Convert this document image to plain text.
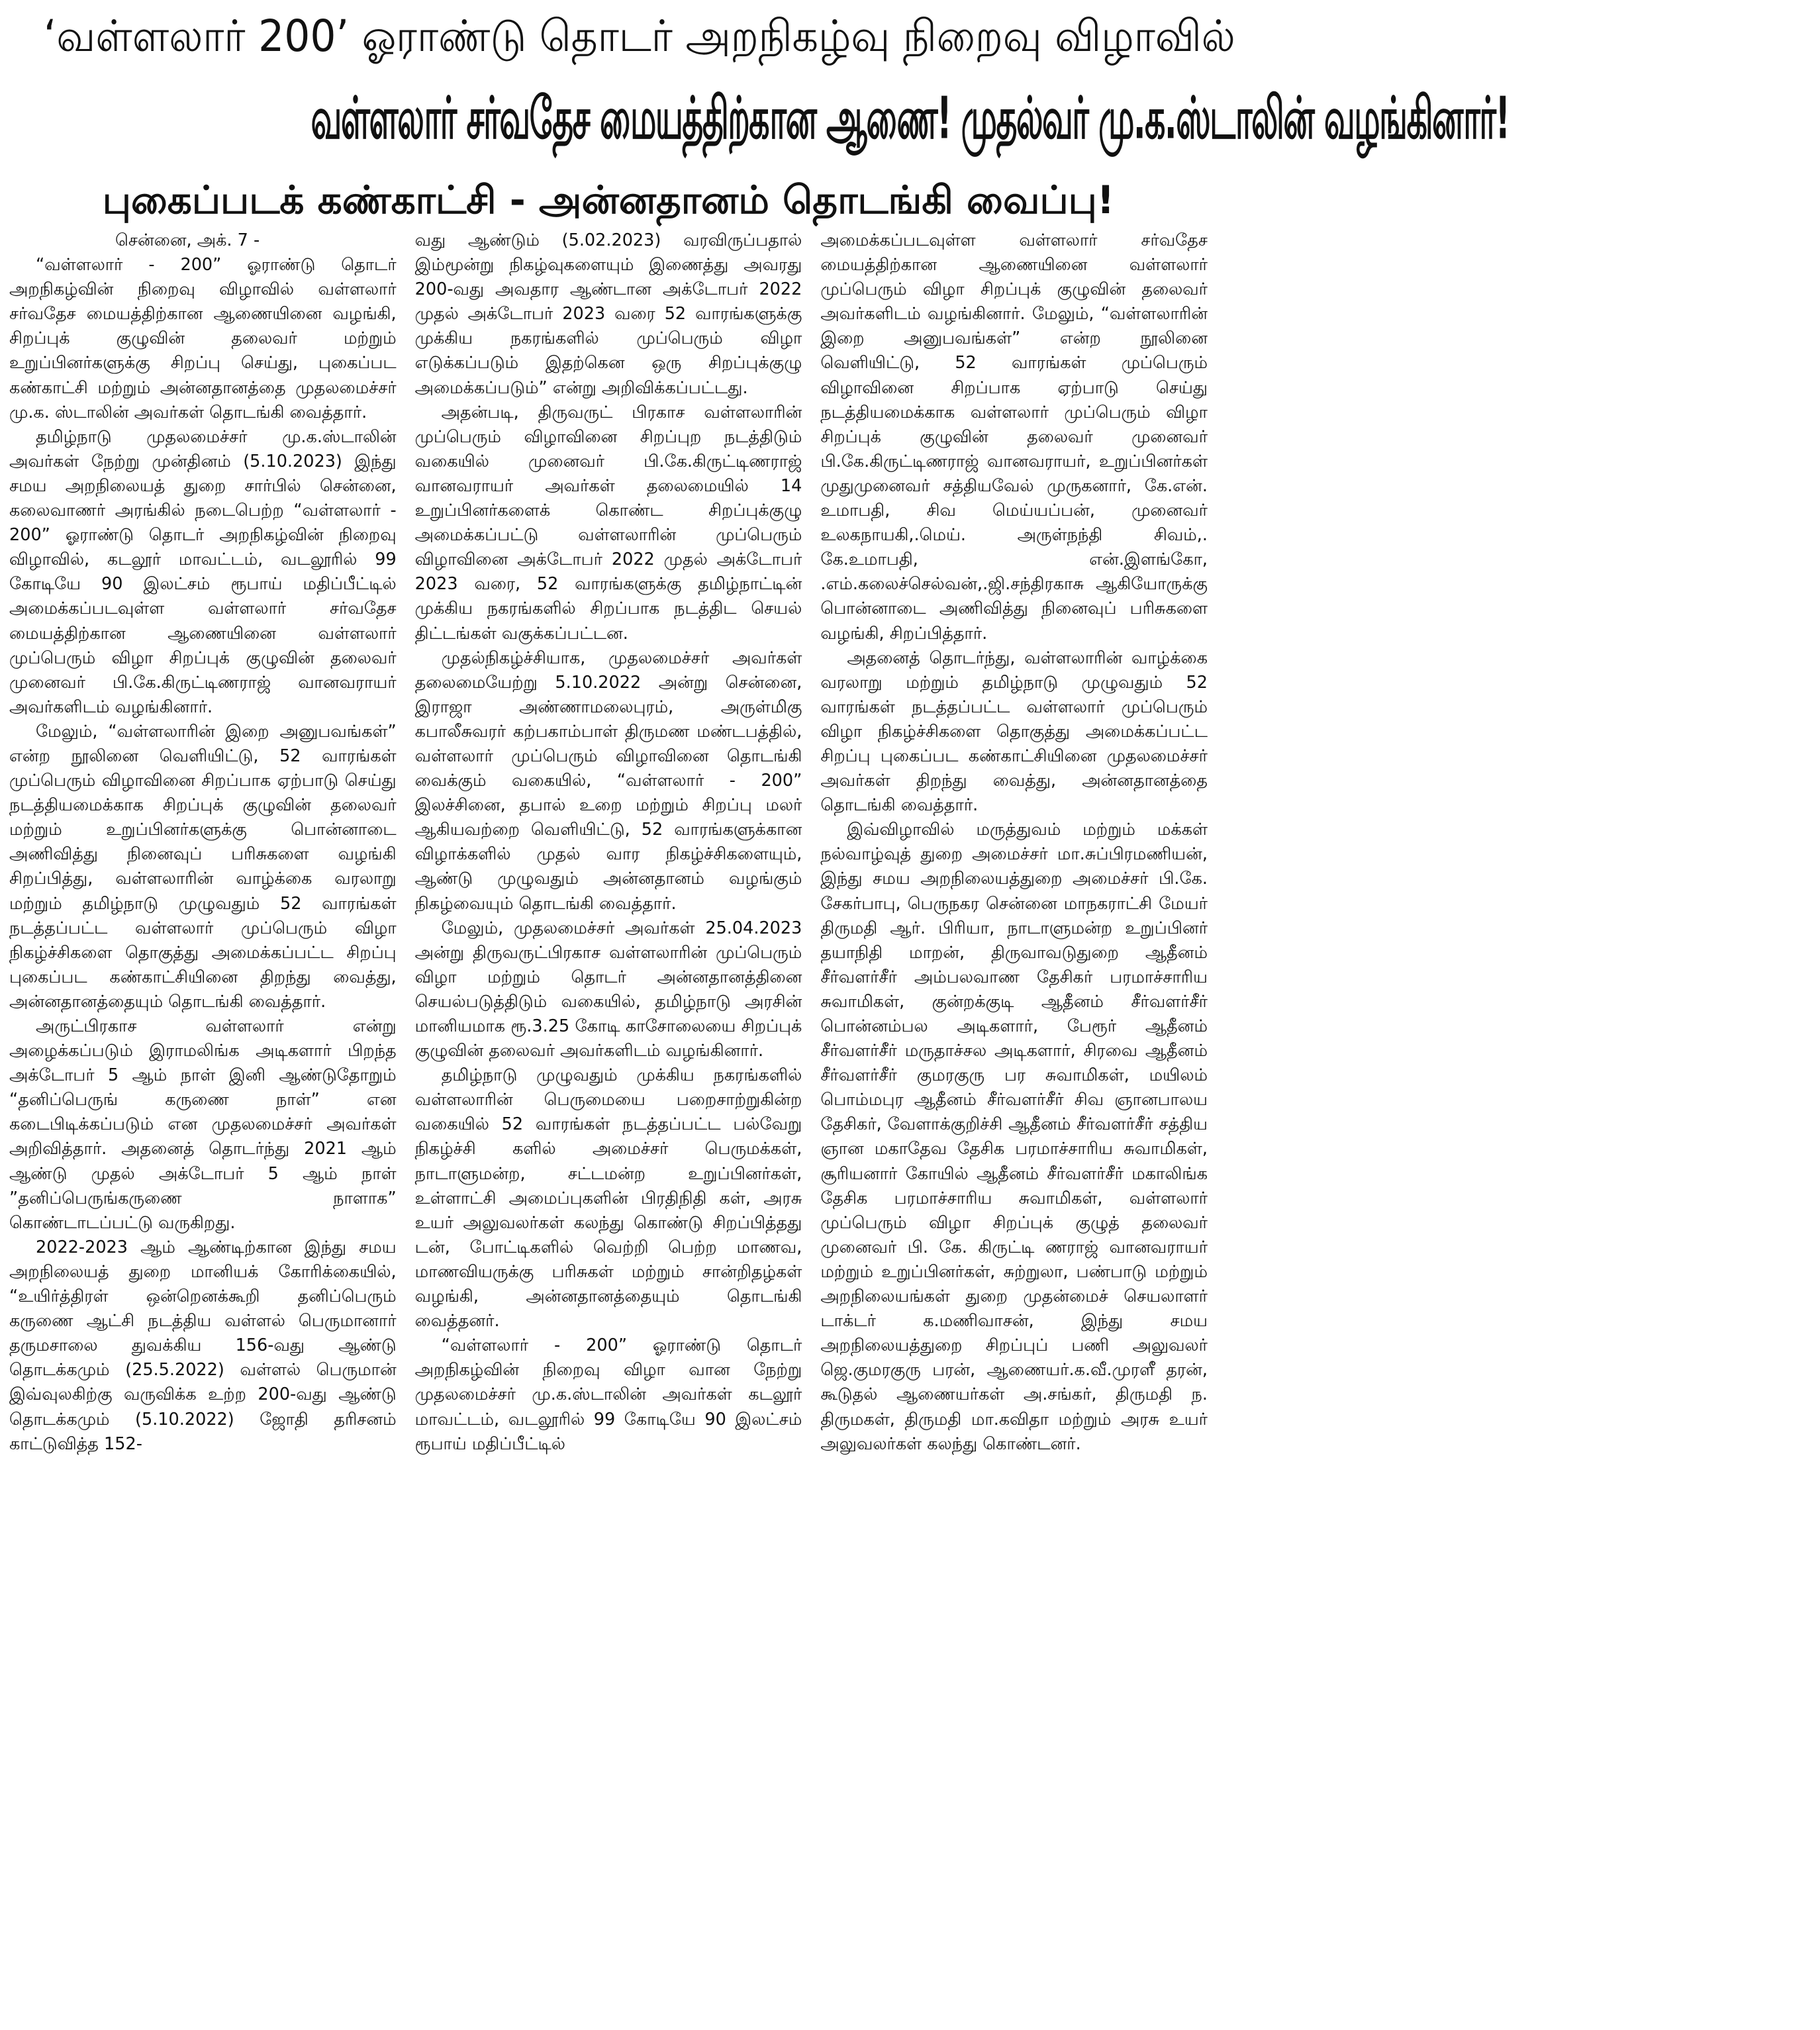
‘வள்ளலார் 200’ ஓராண்டு தொடர் அறநிகழ்வு நிறைவு விழாவில்
வள்ளலார் சர்வதேச மையத்திற்கான ஆணை! முதல்வர் மு.க.ஸ்டாலின் வழங்கினார்!
புகைப்படக் கண்காட்சி - அன்னதானம் தொடங்கி வைப்பு!

சென்னை, அக். 7 -

“வள்ளலார் - 200” ஓராண்டு தொடர் அறநிகழ்வின் நிறைவு விழாவில் வள்ளலார் சர்வதேச மையத்திற்கான ஆணையினை வழங்கி, சிறப்புக் குழுவின் தலைவர் மற்றும் உறுப்பினர்களுக்கு சிறப்பு செய்து, புகைப்பட கண்காட்சி மற்றும் அன்னதானத்தை முதலமைச்சர் மு.க. ஸ்டாலின் அவர்கள் தொடங்கி வைத்தார்.

தமிழ்நாடு முதலமைச்சர் மு.க.ஸ்டாலின் அவர்கள் நேற்று முன்தினம் (5.10.2023) இந்து சமய அறநிலையத் துறை சார்பில் சென்னை, கலைவாணர் அரங்கில் நடைபெற்ற “வள்ளலார் - 200” ஓராண்டு தொடர் அறநிகழ்வின் நிறைவு விழாவில், கடலூர் மாவட்டம், வடலூரில் 99 கோடியே 90 இலட்சம் ரூபாய் மதிப்பீட்டில் அமைக்கப்படவுள்ள வள்ளலார் சர்வதேச மையத்திற்கான ஆணையினை வள்ளலார் முப்பெரும் விழா சிறப்புக் குழுவின் தலைவர் முனைவர் பி.கே.கிருட்டிணராஜ் வானவராயர் அவர்களிடம் வழங்கினார்.

மேலும், “வள்ளலாரின் இறை அனுபவங்கள்” என்ற நூலினை வெளியிட்டு, 52 வாரங்கள் முப்பெரும் விழாவினை சிறப்பாக ஏற்பாடு செய்து நடத்தியமைக்காக சிறப்புக் குழுவின் தலைவர் மற்றும் உறுப்பினர்களுக்கு பொன்னாடை அணிவித்து நினைவுப் பரிசுகளை வழங்கி சிறப்பித்து, வள்ளலாரின் வாழ்க்கை வரலாறு மற்றும் தமிழ்நாடு முழுவதும் 52 வாரங்கள் நடத்தப்பட்ட வள்ளலார் முப்பெரும் விழா நிகழ்ச்சிகளை தொகுத்து அமைக்கப்பட்ட சிறப்பு புகைப்பட கண்காட்சியினை திறந்து வைத்து, அன்னதானத்தையும் தொடங்கி வைத்தார்.

அருட்பிரகாச வள்ளலார் என்று அழைக்கப்படும் இராமலிங்க அடிகளார் பிறந்த அக்டோபர் 5 ஆம் நாள் இனி ஆண்டுதோறும் “தனிப்பெருங் கருணை நாள்” என கடைபிடிக்கப்படும் என முதலமைச்சர் அவர்கள் அறிவித்தார். அதனைத் தொடர்ந்து 2021 ஆம் ஆண்டு முதல் அக்டோபர் 5 ஆம் நாள் ”தனிப்பெருங்கருணை நாளாக” கொண்டாடப்பட்டு வருகிறது.

2022-2023 ஆம் ஆண்டிற்கான இந்து சமய அறநிலையத் துறை மானியக் கோரிக்கையில், “உயிர்த்திரள் ஒன்றெனக்கூறி தனிப்பெரும் கருணை ஆட்சி நடத்திய வள்ளல் பெருமானார் தருமசாலை துவக்கிய 156-வது ஆண்டு தொடக்கமும் (25.5.2022) வள்ளல் பெருமான் இவ்வுலகிற்கு வருவிக்க உற்ற 200-வது ஆண்டு தொடக்கமும் (5.10.2022) ஜோதி தரிசனம் காட்டுவித்த 152-

வது ஆண்டும் (5.02.2023) வரவிருப்பதால் இம்மூன்று நிகழ்வுகளையும் இணைத்து அவரது 200-வது அவதார ஆண்டான அக்டோபர் 2022 முதல் அக்டோபர் 2023 வரை 52 வாரங்களுக்கு முக்கிய நகரங்களில் முப்பெரும் விழா எடுக்கப்படும் இதற்கென ஒரு சிறப்புக்குழு அமைக்கப்படும்” என்று அறிவிக்கப்பட்டது.

அதன்படி, திருவருட் பிரகாச வள்ளலாரின் முப்பெரும் விழாவினை சிறப்புற நடத்திடும் வகையில் முனைவர் பி.கே.கிருட்டிணராஜ் வானவராயர் அவர்கள் தலைமையில் 14 உறுப்பினர்களைக் கொண்ட சிறப்புக்குழு அமைக்கப்பட்டு வள்ளலாரின் முப்பெரும் விழாவினை அக்டோபர் 2022 முதல் அக்டோபர் 2023 வரை, 52 வாரங்களுக்கு தமிழ்நாட்டின் முக்கிய நகரங்களில் சிறப்பாக நடத்திட செயல் திட்டங்கள் வகுக்கப்பட்டன.

முதல்நிகழ்ச்சியாக, முதலமைச்சர் அவர்கள் தலைமையேற்று 5.10.2022 அன்று சென்னை, இராஜா அண்ணாமலைபுரம், அருள்மிகு கபாலீசுவரர் கற்பகாம்பாள் திருமண மண்டபத்தில், வள்ளலார் முப்பெரும் விழாவினை தொடங்கி வைக்கும் வகையில், “வள்ளலார் - 200” இலச்சினை, தபால் உறை மற்றும் சிறப்பு மலர் ஆகியவற்றை வெளியிட்டு, 52 வாரங்களுக்கான விழாக்களில் முதல் வார நிகழ்ச்சிகளையும், ஆண்டு முழுவதும் அன்னதானம் வழங்கும் நிகழ்வையும் தொடங்கி வைத்தார்.

மேலும், முதலமைச்சர் அவர்கள் 25.04.2023 அன்று திருவருட்பிரகாச வள்ளலாரின் முப்பெரும் விழா மற்றும் தொடர் அன்னதானத்தினை செயல்படுத்திடும் வகையில், தமிழ்நாடு அரசின் மானியமாக ரூ.3.25 கோடி காசோலையை சிறப்புக் குழுவின் தலைவர் அவர்களிடம் வழங்கினார்.

தமிழ்நாடு முழுவதும் முக்கிய நகரங்களில் வள்ளலாரின் பெருமையை பறைசாற்றுகின்ற வகையில் 52 வாரங்கள் நடத்தப்பட்ட பல்வேறு நிகழ்ச்சி களில் அமைச்சர் பெருமக்கள், நாடாளுமன்ற, சட்டமன்ற உறுப்பினர்கள், உள்ளாட்சி அமைப்புகளின் பிரதிநிதி கள், அரசு உயர் அலுவலர்கள் கலந்து கொண்டு சிறப்பித்தது டன், போட்டிகளில் வெற்றி பெற்ற மாணவ, மாணவியருக்கு பரிசுகள் மற்றும் சான்றிதழ்கள் வழங்கி, அன்னதானத்தையும் தொடங்கி வைத்தனர்.

“வள்ளலார் - 200” ஓராண்டு தொடர் அறநிகழ்வின் நிறைவு விழா வான நேற்று முதலமைச்சர் மு.க.ஸ்டாலின் அவர்கள் கடலூர் மாவட்டம், வடலூரில் 99 கோடியே 90 இலட்சம் ரூபாய் மதிப்பீட்டில்

அமைக்கப்படவுள்ள வள்ளலார் சர்வதேச மையத்திற்கான ஆணையினை வள்ளலார் முப்பெரும் விழா சிறப்புக் குழுவின் தலைவர் அவர்களிடம் வழங்கினார். மேலும், “வள்ளலாரின் இறை அனுபவங்கள்” என்ற நூலினை வெளியிட்டு, 52 வாரங்கள் முப்பெரும் விழாவினை சிறப்பாக ஏற்பாடு செய்து நடத்தியமைக்காக வள்ளலார் முப்பெரும் விழா சிறப்புக் குழுவின் தலைவர் முனைவர் பி.கே.கிருட்டிணராஜ் வானவராயர், உறுப்பினர்கள் முதுமுனைவர் சத்தியவேல் முருகனார், கே.என். உமாபதி, சிவ மெய்யப்பன், முனைவர் உலகநாயகி,.மெய். அருள்நந்தி சிவம்,. கே.உமாபதி, என்.இளங்கோ, .எம்.கலைச்செல்வன்,.ஜி.சந்திரகாசு ஆகியோருக்கு பொன்னாடை அணிவித்து நினைவுப் பரிசுகளை வழங்கி, சிறப்பித்தார்.

அதனைத் தொடர்ந்து, வள்ளலாரின் வாழ்க்கை வரலாறு மற்றும் தமிழ்நாடு முழுவதும் 52 வாரங்கள் நடத்தப்பட்ட வள்ளலார் முப்பெரும் விழா நிகழ்ச்சிகளை தொகுத்து அமைக்கப்பட்ட சிறப்பு புகைப்பட கண்காட்சியினை முதலமைச்சர் அவர்கள் திறந்து வைத்து, அன்னதானத்தை தொடங்கி வைத்தார்.

இவ்விழாவில் மருத்துவம் மற்றும் மக்கள் நல்வாழ்வுத் துறை அமைச்சர் மா.சுப்பிரமணியன், இந்து சமய அறநிலையத்துறை அமைச்சர் பி.கே. சேகர்பாபு, பெருநகர சென்னை மாநகராட்சி மேயர் திருமதி ஆர். பிரியா, நாடாளுமன்ற உறுப்பினர் தயாநிதி மாறன், திருவாவடுதுறை ஆதீனம் சீர்வளர்சீர் அம்பலவாண தேசிகர் பரமாச்சாரிய சுவாமிகள், குன்றக்குடி ஆதீனம் சீர்வளர்சீர் பொன்னம்பல அடிகளார், பேரூர் ஆதீனம் சீர்வளர்சீர் மருதாச்சல அடிகளார், சிரவை ஆதீனம் சீர்வளர்சீர் குமரகுரு பர சுவாமிகள், மயிலம் பொம்மபுர ஆதீனம் சீர்வளர்சீர் சிவ ஞானபாலய தேசிகர், வேளாக்குறிச்சி ஆதீனம் சீர்வளர்சீர் சத்திய ஞான மகாதேவ தேசிக பரமாச்சாரிய சுவாமிகள், சூரியனார் கோயில் ஆதீனம் சீர்வளர்சீர் மகாலிங்க தேசிக பரமாச்சாரிய சுவாமிகள், வள்ளலார் முப்பெரும் விழா சிறப்புக் குழுத் தலைவர் முனைவர் பி. கே. கிருட்டி ணராஜ் வானவராயர் மற்றும் உறுப்பினர்கள், சுற்றுலா, பண்பாடு மற்றும் அறநிலையங்கள் துறை முதன்மைச் செயலாளர் டாக்டர் க.மணிவாசன், இந்து சமய அறநிலையத்துறை சிறப்புப் பணி அலுவலர் ஜெ.குமரகுரு பரன், ஆணையர்.க.வீ.முரளீ தரன், கூடுதல் ஆணையர்கள் அ.சங்கர், திருமதி ந. திருமகள், திருமதி மா.கவிதா மற்றும் அரசு உயர் அலுவலர்கள் கலந்து கொண்டனர்.
